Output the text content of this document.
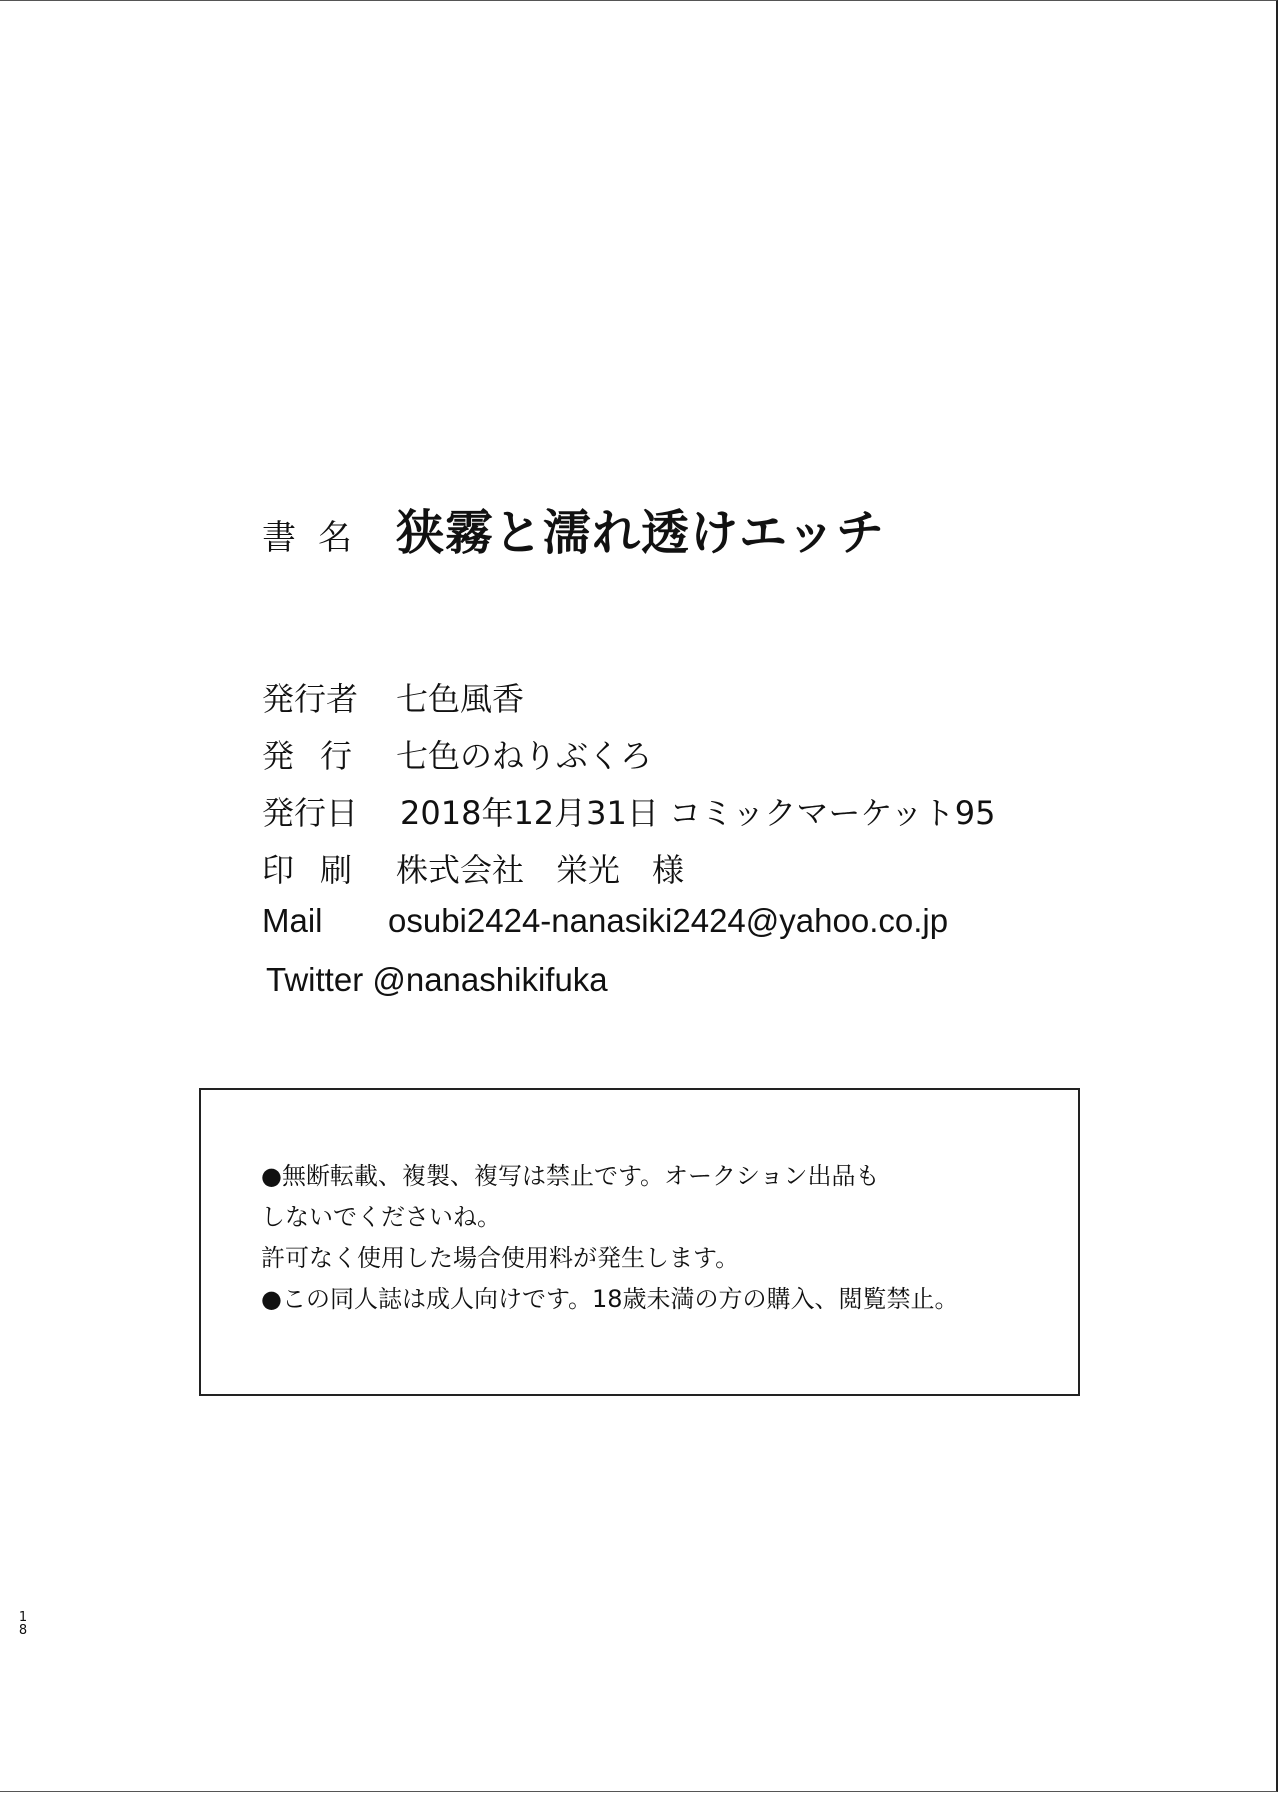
書名 狭霧と濡れ透けエッチ
発行者	七色風香
発行 七色のねりぶくろ
発行日	2018年12月31日 コミックマーケット95
印刷 株式会社　栄光　様
Mail	osubi2424-nanasiki2424@yahoo.co.jp
Twitter @nanashikifuka
●無断転載、複製、複写は禁止です。オークション出品も
しないでくださいね。
許可なく使用した場合使用料が発生します。
●この同人誌は成人向けです。18歳未満の方の購入、閲覧禁止。
18
